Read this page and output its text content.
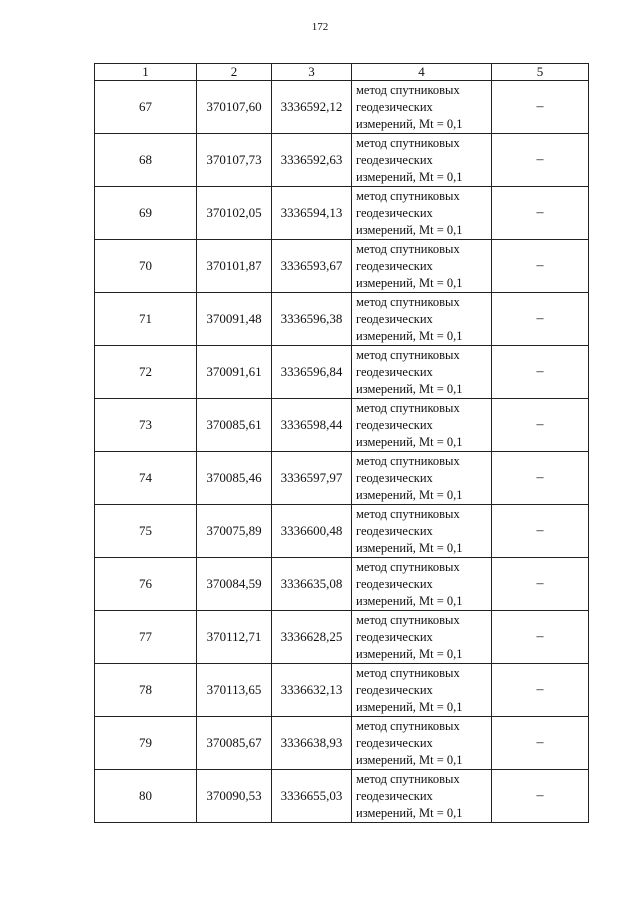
172
1	2	3	4	5
67	370107,60	3336592,12	метод спутниковых
геодезических
измерений, Mt = 0,1	–
68	370107,73	3336592,63	метод спутниковых
геодезических
измерений, Mt = 0,1	–
69	370102,05	3336594,13	метод спутниковых
геодезических
измерений, Mt = 0,1	–
70	370101,87	3336593,67	метод спутниковых
геодезических
измерений, Mt = 0,1	–
71	370091,48	3336596,38	метод спутниковых
геодезических
измерений, Mt = 0,1	–
72	370091,61	3336596,84	метод спутниковых
геодезических
измерений, Mt = 0,1	–
73	370085,61	3336598,44	метод спутниковых
геодезических
измерений, Mt = 0,1	–
74	370085,46	3336597,97	метод спутниковых
геодезических
измерений, Mt = 0,1	–
75	370075,89	3336600,48	метод спутниковых
геодезических
измерений, Mt = 0,1	–
76	370084,59	3336635,08	метод спутниковых
геодезических
измерений, Mt = 0,1	–
77	370112,71	3336628,25	метод спутниковых
геодезических
измерений, Mt = 0,1	–
78	370113,65	3336632,13	метод спутниковых
геодезических
измерений, Mt = 0,1	–
79	370085,67	3336638,93	метод спутниковых
геодезических
измерений, Mt = 0,1	–
80	370090,53	3336655,03	метод спутниковых
геодезических
измерений, Mt = 0,1	–
